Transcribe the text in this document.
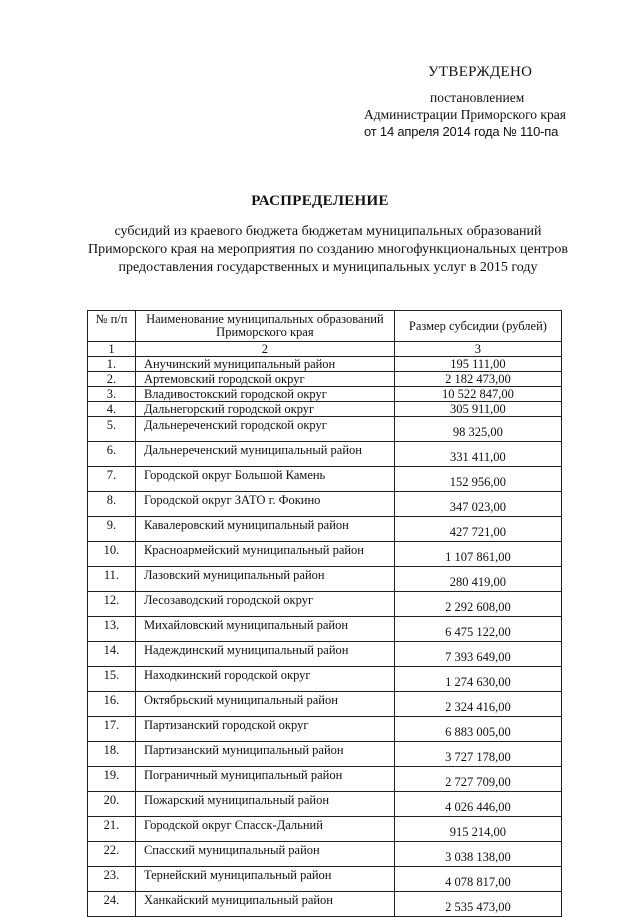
УТВЕРЖДЕНО
постановлением
Администрации Приморского края
от 14 апреля 2014 года № 110-па
РАСПРЕДЕЛЕНИЕ
субсидий из краевого бюджета бюджетам муниципальных образований
Приморского края на мероприятия по созданию многофункциональных центров
предоставления государственных и муниципальных услуг в 2015 году
№ п/п	Наименование муниципальных образований Приморского края	Размер субсидии (рублей)
1	2	3
1.	Анучинский муниципальный район	195 111,00
2.	Артемовский городской округ	2 182 473,00
3.	Владивостокский городской округ	10 522 847,00
4.	Дальнегорский городской округ	305 911,00
5.	Дальнереченский городской округ	98 325,00
6.	Дальнереченский муниципальный район	331 411,00
7.	Городской округ Большой Камень	152 956,00
8.	Городской округ ЗАТО г. Фокино	347 023,00
9.	Кавалеровский муниципальный район	427 721,00
10.	Красноармейский муниципальный район	1 107 861,00
11.	Лазовский муниципальный район	280 419,00
12.	Лесозаводский городской округ	2 292 608,00
13.	Михайловский муниципальный район	6 475 122,00
14.	Надеждинский муниципальный район	7 393 649,00
15.	Находкинский городской округ	1 274 630,00
16.	Октябрьский муниципальный район	2 324 416,00
17.	Партизанский городской округ	6 883 005,00
18.	Партизанский муниципальный район	3 727 178,00
19.	Пограничный муниципальный район	2 727 709,00
20.	Пожарский муниципальный район	4 026 446,00
21.	Городской округ Спасск-Дальний	915 214,00
22.	Спасский муниципальный район	3 038 138,00
23.	Тернейский муниципальный район	4 078 817,00
24.	Ханкайский муниципальный район	2 535 473,00
